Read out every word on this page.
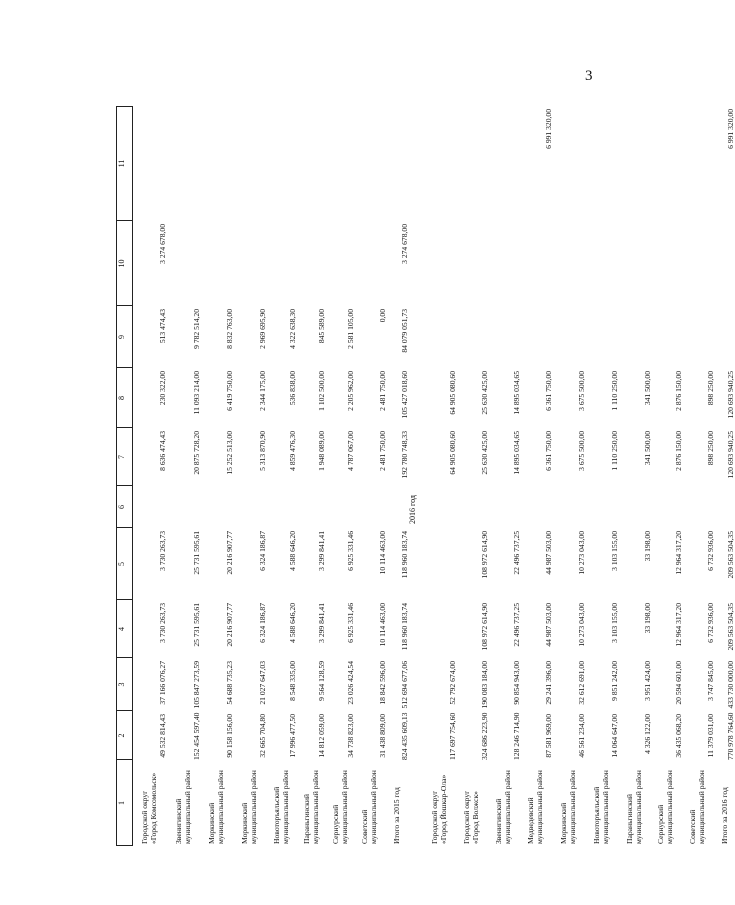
3
1
2
3
4
5
6
7
8
9
10
11
2016 год
Городской округ «Город Комсомольск»
49 532 814,43
37 166 076,27
3 730 263,73
3 730 263,73
8 636 474,43
230 322,00
513 474,43
3 274 678,00
Звенигинский муниципальный район
152 454 597,40
105 847 273,59
25 731 595,61
25 731 595,61
20 875 728,20
11 093 214,00
9 782 514,20
Моркинский муниципальный район
90 158 156,00
54 688 735,23
20 216 907,77
20 216 907,77
15 252 513,00
6 419 750,00
8 832 763,00
Моркинский муниципальный район
32 665 704,80
21 027 647,03
6 324 186,87
6 324 186,87
5 313 870,90
2 344 175,00
2 969 695,90
Новоторъяльский муниципальный район
17 996 477,50
8 548 335,00
4 588 646,20
4 588 646,20
4 859 476,30
536 838,00
4 322 638,30
Параньгинский муниципальный район
14 812 059,00
9 564 128,59
3 299 841,41
3 299 841,41
1 948 089,00
1 102 500,00
845 589,00
Сернурский муниципальный район
34 738 823,00
23 026 424,54
6 925 331,46
6 925 331,46
4 787 067,00
2 205 962,00
2 581 105,00
Советский муниципальный район
31 438 809,00
18 842 596,00
10 114 463,00
10 114 463,00
2 481 750,00
2 481 750,00
0,00
Итого за 2015 год
824 435 609,13
512 694 677,06
118 960 183,74
118 960 183,74
192 780 748,33
105 427 018,60
84 079 051,73
3 274 678,00
Городской округ «Город Йошкар-Ола»
117 697 754,60
52 792 674,00
64 905 080,60
64 905 080,60
Городской округ «Город Волжск»
324 686 223,90
190 083 184,00
108 972 614,90
108 972 614,90
25 630 425,00
25 630 425,00
Звенигинский муниципальный район
128 246 714,90
90 854 943,00
22 496 737,25
22 496 737,25
14 895 034,65
14 895 034,65
Медведевский муниципальный район
87 581 969,00
29 241 396,00
44 987 503,00
44 987 503,00
6 361 750,00
6 361 750,00
6 991 320,00
Моркинский муниципальный район
46 561 234,00
32 612 691,00
10 273 043,00
10 273 043,00
3 675 500,00
3 675 500,00
Новоторъяльский муниципальный район
14 064 647,00
9 851 242,00
3 103 155,00
3 103 155,00
1 110 250,00
1 110 250,00
Параньгинский муниципальный район
4 326 122,00
3 951 424,00
33 198,00
33 198,00
341 500,00
341 500,00
Сернурский муниципальный район
36 435 068,20
20 594 601,00
12 964 317,20
12 964 317,20
2 876 150,00
2 876 150,00
Советский муниципальный район
11 379 031,00
3 747 845,00
6 732 936,00
6 732 936,00
898 250,00
898 250,00
Итого за 2016 год
770 978 764,60
433 730 000,00
209 563 504,35
209 563 504,35
120 693 940,25
120 693 940,25
6 991 320,00
